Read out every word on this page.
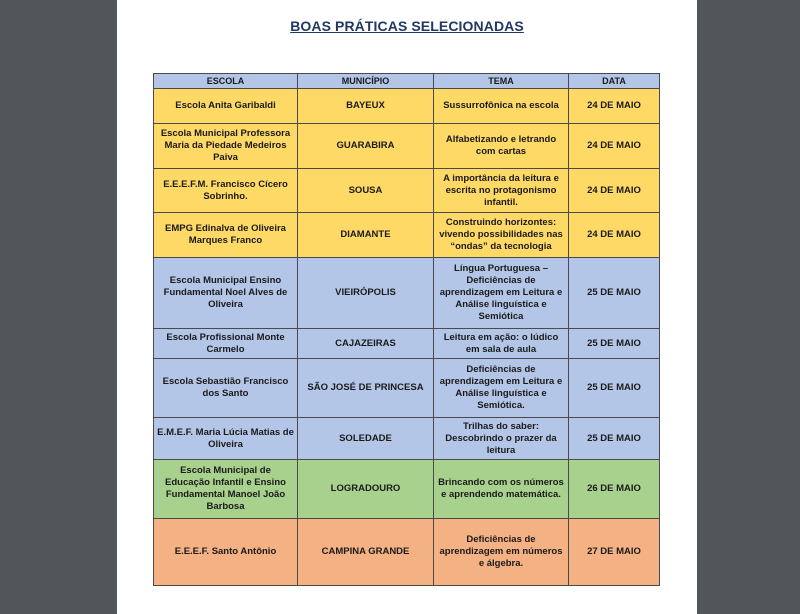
BOAS PRÁTICAS SELECIONADAS
ESCOLA	MUNICÍPIO	TEMA	DATA
Escola Anita Garibaldi	BAYEUX	Sussurrofônica na escola	24 DE MAIO
Escola Municipal Professora Maria da Piedade Medeiros Paiva	GUARABIRA	Alfabetizando e letrando com cartas	24 DE MAIO
E.E.E.F.M. Francisco Cícero Sobrinho.	SOUSA	A importância da leitura e escrita no protagonismo infantil.	24 DE MAIO
EMPG Edinalva de Oliveira Marques Franco	DIAMANTE	Construindo horizontes: vivendo possibilidades nas “ondas” da tecnologia	24 DE MAIO
Escola Municipal Ensino Fundamental Noel Alves de Oliveira	VIEIRÓPOLIS	Língua Portuguesa – Deficiências de aprendizagem em Leitura e Análise linguística e Semiótica	25 DE MAIO
Escola Profissional Monte Carmelo	CAJAZEIRAS	Leitura em ação: o lúdico em sala de aula	25 DE MAIO
Escola Sebastião Francisco dos Santo	SÃO JOSÉ DE PRINCESA	Deficiências de aprendizagem em Leitura e Análise linguística e Semiótica.	25 DE MAIO
E.M.E.F. Maria Lúcia Matias de Oliveira	SOLEDADE	Trilhas do saber: Descobrindo o prazer da leitura	25 DE MAIO
Escola Municipal de Educação Infantil e Ensino Fundamental Manoel João Barbosa	LOGRADOURO	Brincando com os números e aprendendo matemática.	26 DE MAIO
E.E.E.F. Santo Antônio	CAMPINA GRANDE	Deficiências de aprendizagem em números e álgebra.	27 DE MAIO
